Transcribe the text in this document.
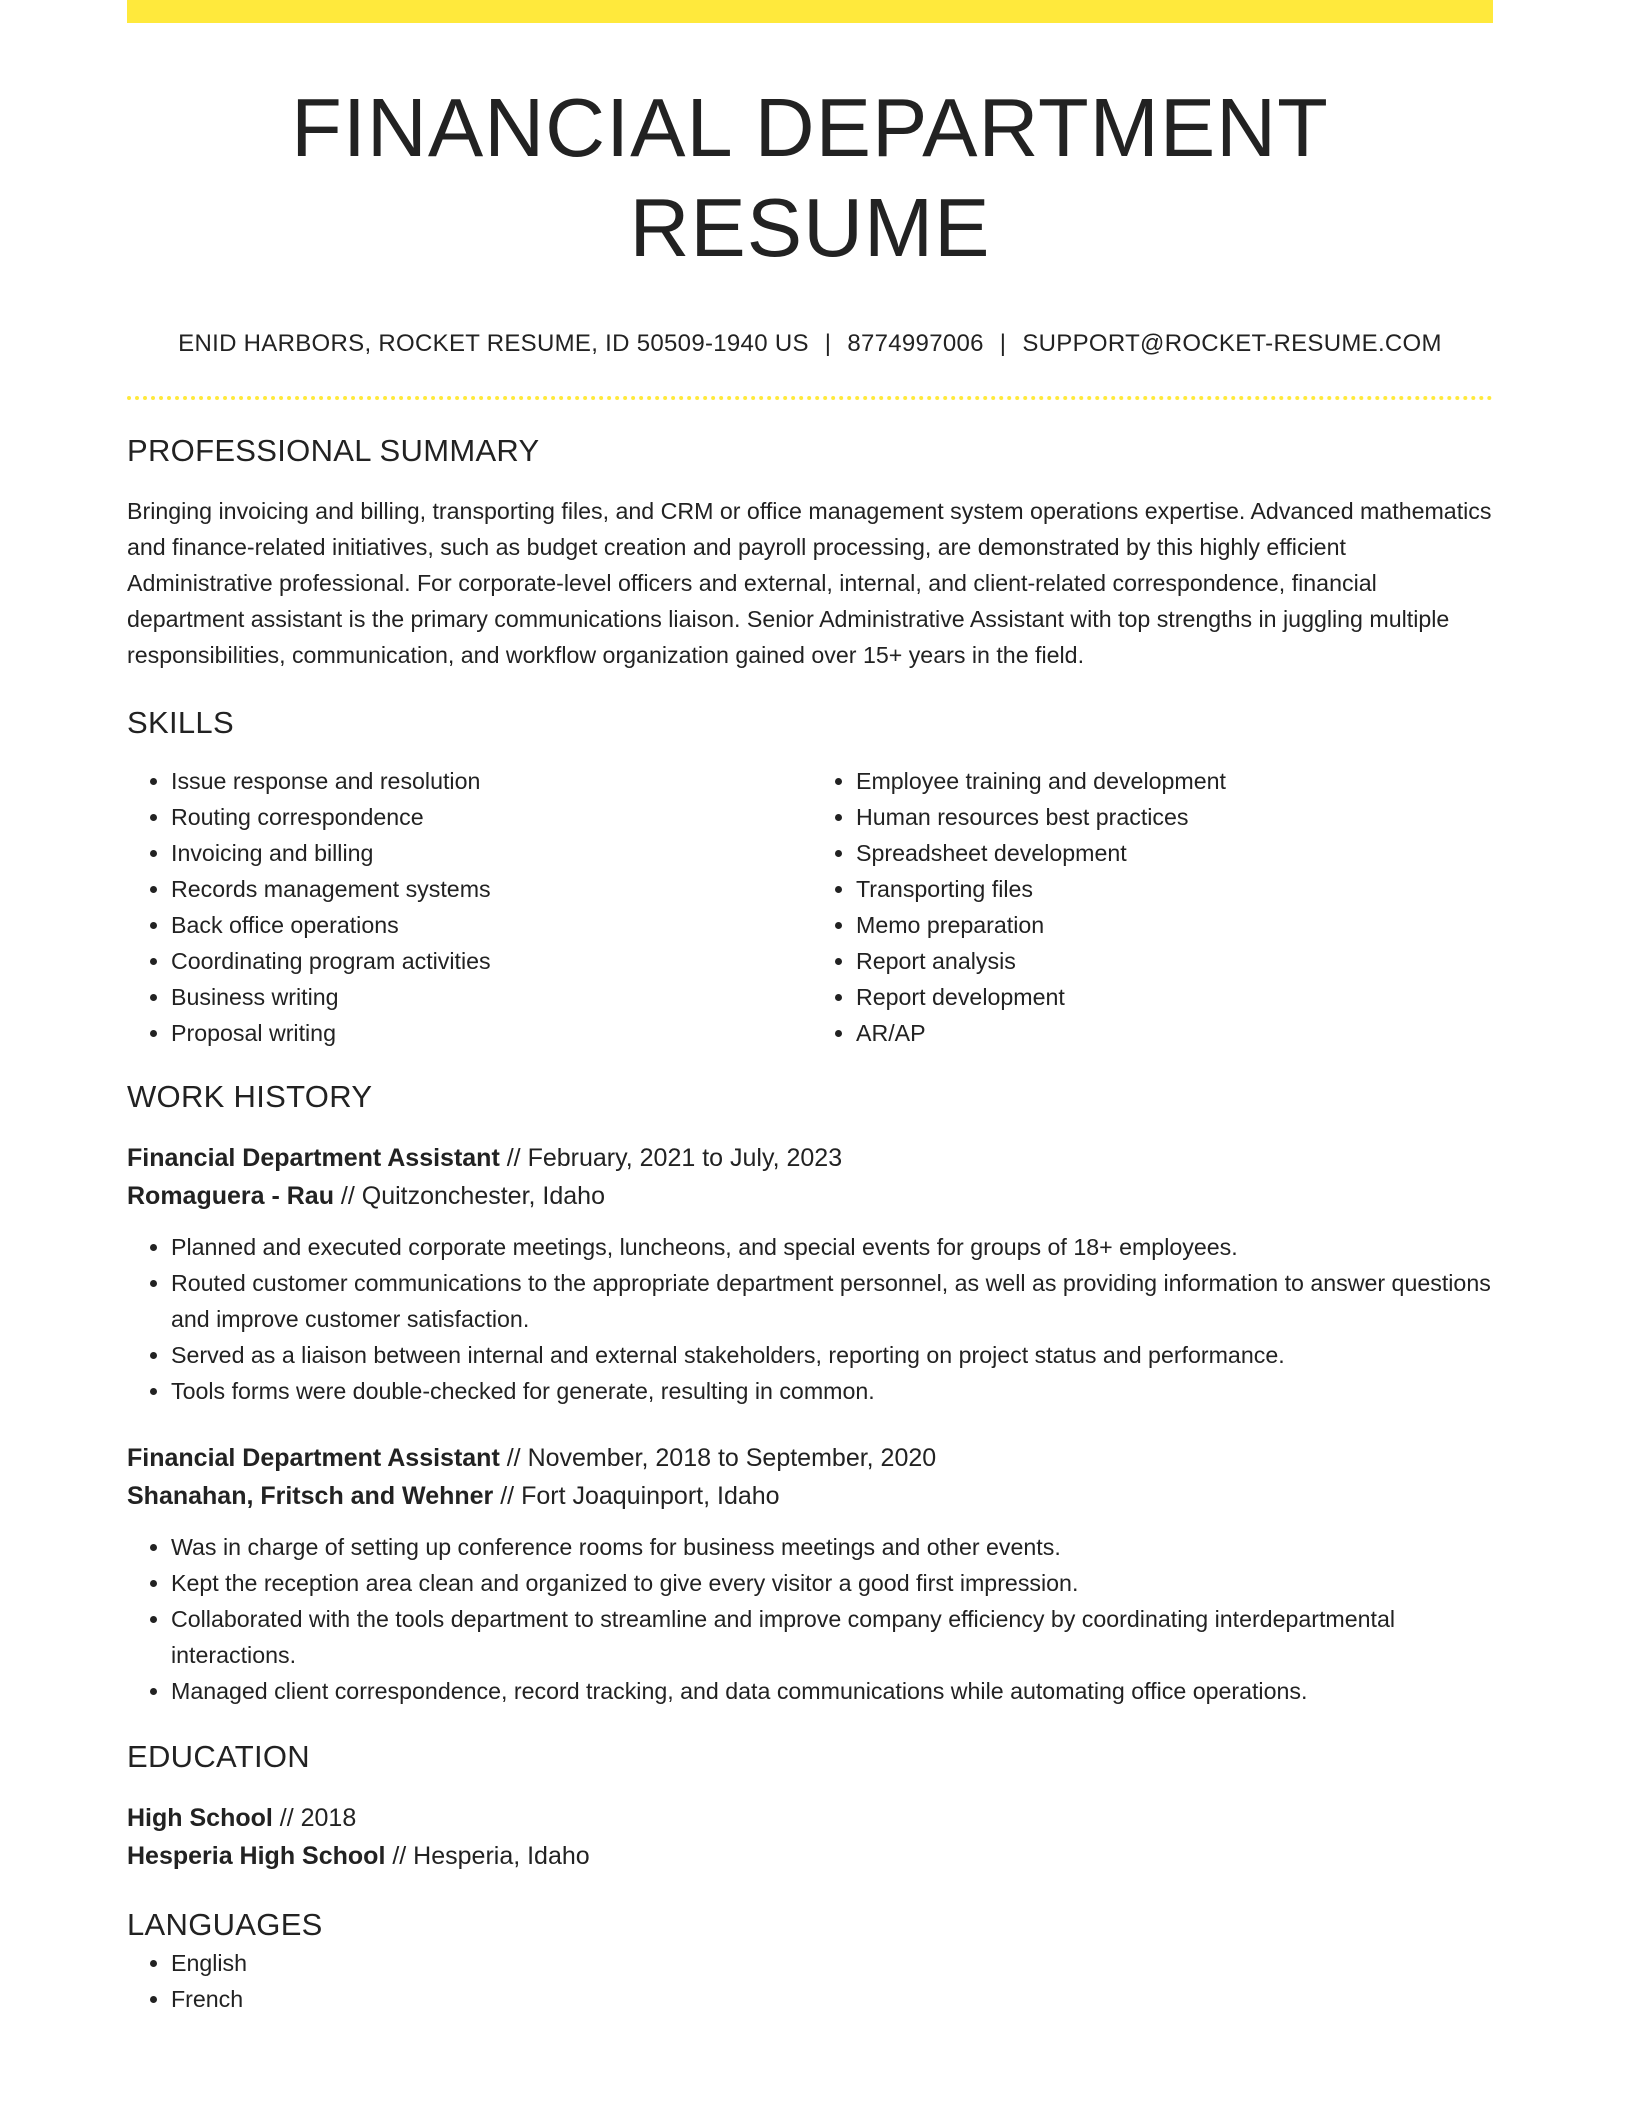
FINANCIAL DEPARTMENT RESUME
ENID HARBORS, ROCKET RESUME, ID 50509-1940 US | 8774997006 | SUPPORT@ROCKET-RESUME.COM
PROFESSIONAL SUMMARY

Bringing invoicing and billing, transporting files, and CRM or office management system operations expertise. Advanced mathematics and finance-related initiatives, such as budget creation and payroll processing, are demonstrated by this highly efficient Administrative professional. For corporate-level officers and external, internal, and client-related correspondence, financial department assistant is the primary communications liaison. Senior Administrative Assistant with top strengths in juggling multiple responsibilities, communication, and workflow organization gained over 15+ years in the field.

SKILLS
• Issue response and resolution
• Routing correspondence
• Invoicing and billing
• Records management systems
• Back office operations
• Coordinating program activities
• Business writing
• Proposal writing
• Employee training and development
• Human resources best practices
• Spreadsheet development
• Transporting files
• Memo preparation
• Report analysis
• Report development
• AR/AP
WORK HISTORY
Financial Department Assistant // February, 2021 to July, 2023
Romaguera - Rau // Quitzonchester, Idaho
• Planned and executed corporate meetings, luncheons, and special events for groups of 18+ employees.
• Routed customer communications to the appropriate department personnel, as well as providing information to answer questions and improve customer satisfaction.
• Served as a liaison between internal and external stakeholders, reporting on project status and performance.
• Tools forms were double-checked for generate, resulting in common.
Financial Department Assistant // November, 2018 to September, 2020
Shanahan, Fritsch and Wehner // Fort Joaquinport, Idaho
• Was in charge of setting up conference rooms for business meetings and other events.
• Kept the reception area clean and organized to give every visitor a good first impression.
• Collaborated with the tools department to streamline and improve company efficiency by coordinating interdepartmental interactions.
• Managed client correspondence, record tracking, and data communications while automating office operations.
EDUCATION
High School // 2018
Hesperia High School // Hesperia, Idaho
LANGUAGES
• English
• French
